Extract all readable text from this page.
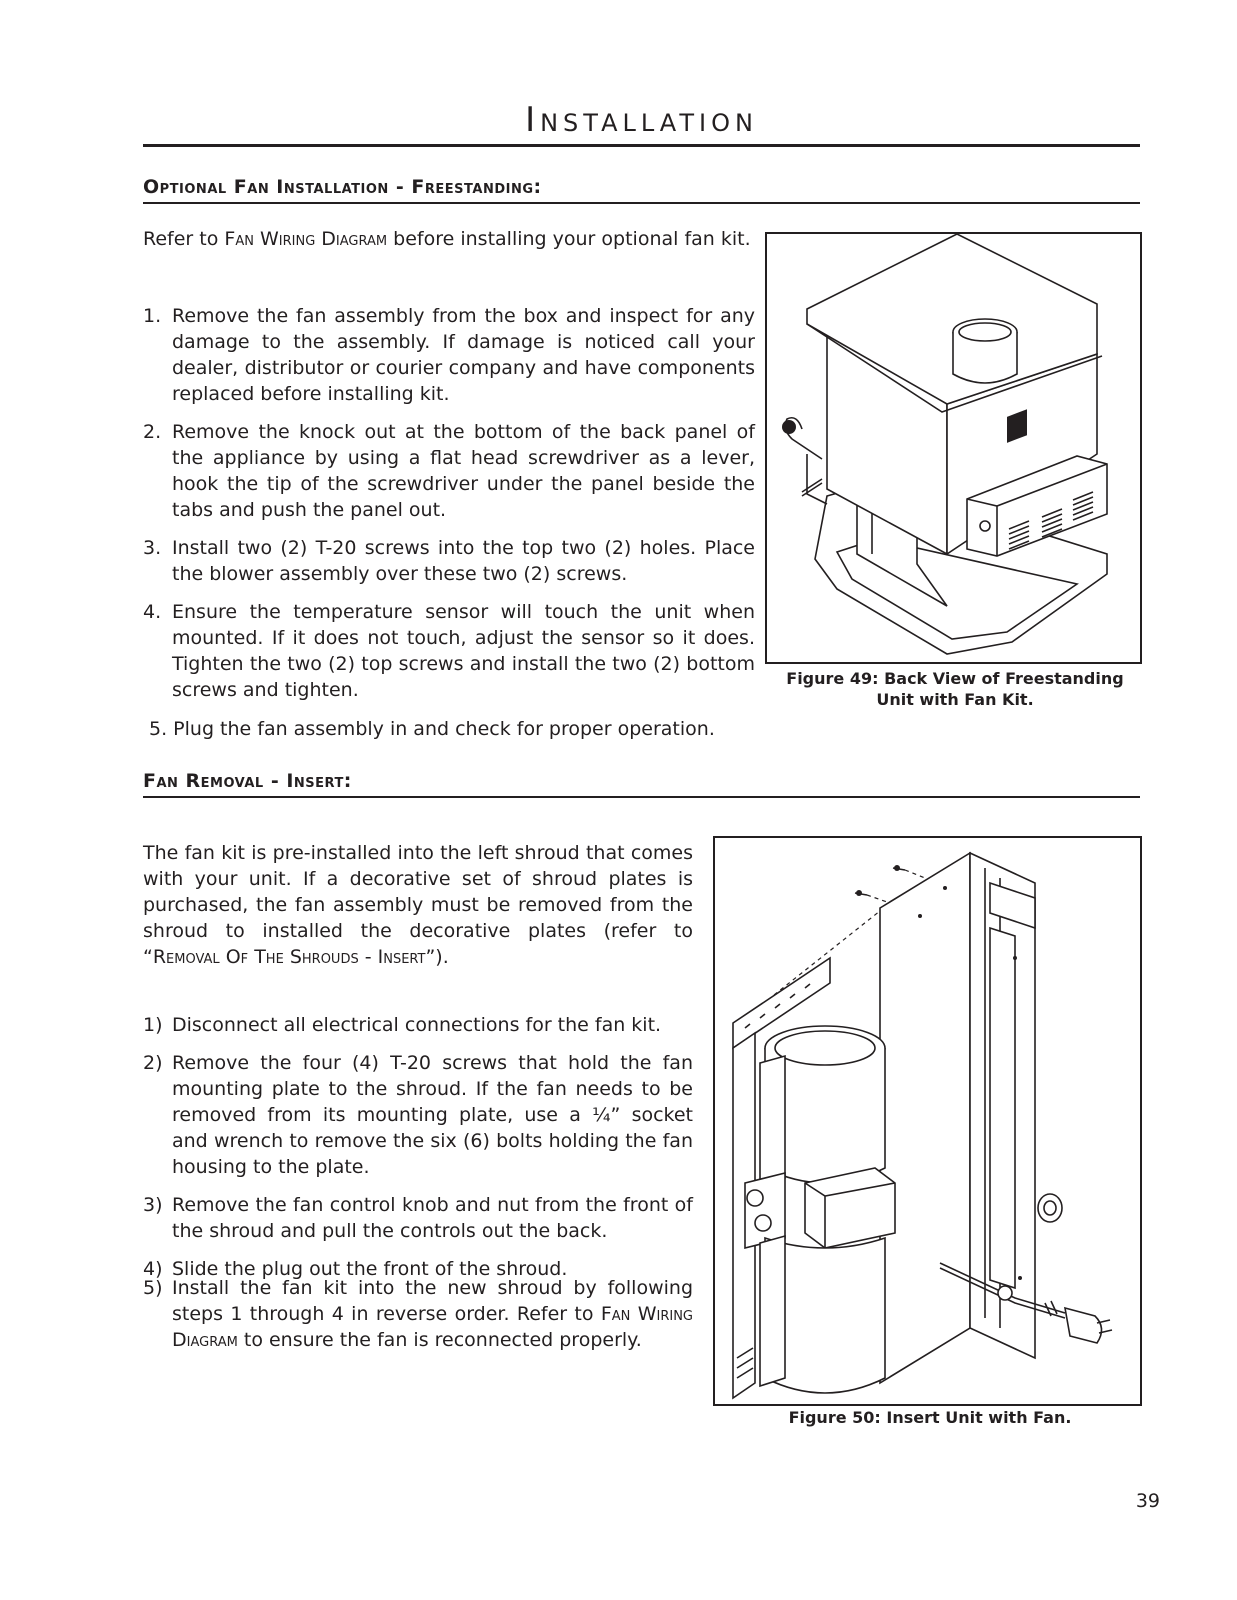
Installation
Optional Fan Installation - Freestanding:
Refer to Fan Wiring Diagram before installing your optional fan kit.
1. Remove the fan assembly from the box and inspect for any damage to the assembly. If damage is noticed call your dealer, distributor or courier company and have components replaced before installing kit.
2. Remove the knock out at the bottom of the back panel of the appliance by using a flat head screwdriver as a lever, hook the tip of the screwdriver under the panel beside the tabs and push the panel out.
3. Install two (2) T-20 screws into the top two (2) holes. Place the blower assembly over these two (2) screws.
4. Ensure the temperature sensor will touch the unit when mounted. If it does not touch, adjust the sensor so it does. Tighten the two (2) top screws and install the two (2) bottom screws and tighten.
5. Plug the fan assembly in and check for proper operation.
Figure 49: Back View of Freestanding Unit with Fan Kit.
Fan Removal - Insert:
The fan kit is pre-installed into the left shroud that comes with your unit. If a decorative set of shroud plates is purchased, the fan assembly must be removed from the shroud to installed the decorative plates (refer to “Removal Of The Shrouds - Insert”).
1) Disconnect all electrical connections for the fan kit.
2) Remove the four (4) T-20 screws that hold the fan mounting plate to the shroud. If the fan needs to be removed from its mounting plate, use a ¼” socket and wrench to remove the six (6) bolts holding the fan housing to the plate.
3) Remove the fan control knob and nut from the front of the shroud and pull the controls out the back.
4) Slide the plug out the front of the shroud.
5) Install the fan kit into the new shroud by following steps 1 through 4 in reverse order. Refer to Fan Wiring Diagram to ensure the fan is reconnected properly.
Figure 50: Insert Unit with Fan.
39
